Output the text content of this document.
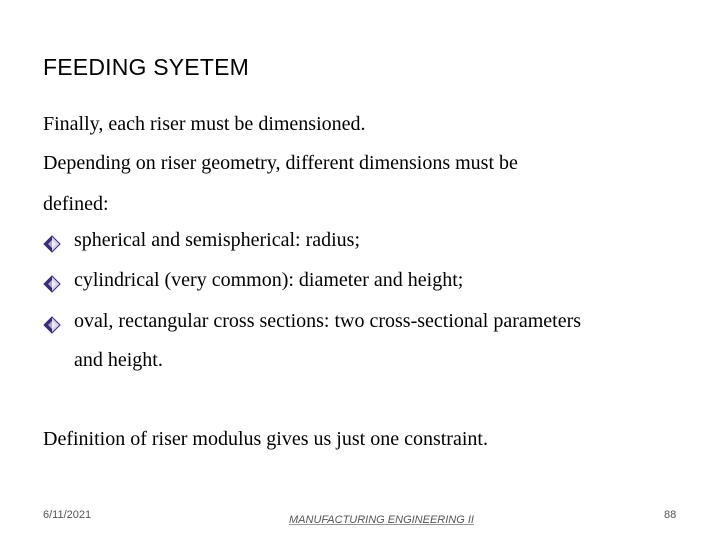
FEEDING SYETEM
Finally, each riser must be dimensioned.
Depending on riser geometry, different dimensions must be
defined:
spherical and semispherical: radius;
cylindrical (very common): diameter and height;
oval, rectangular cross sections: two cross-sectional parameters
and height.
Definition of riser modulus gives us just one constraint.
6/11/2021	MANUFACTURING ENGINEERING II	88
